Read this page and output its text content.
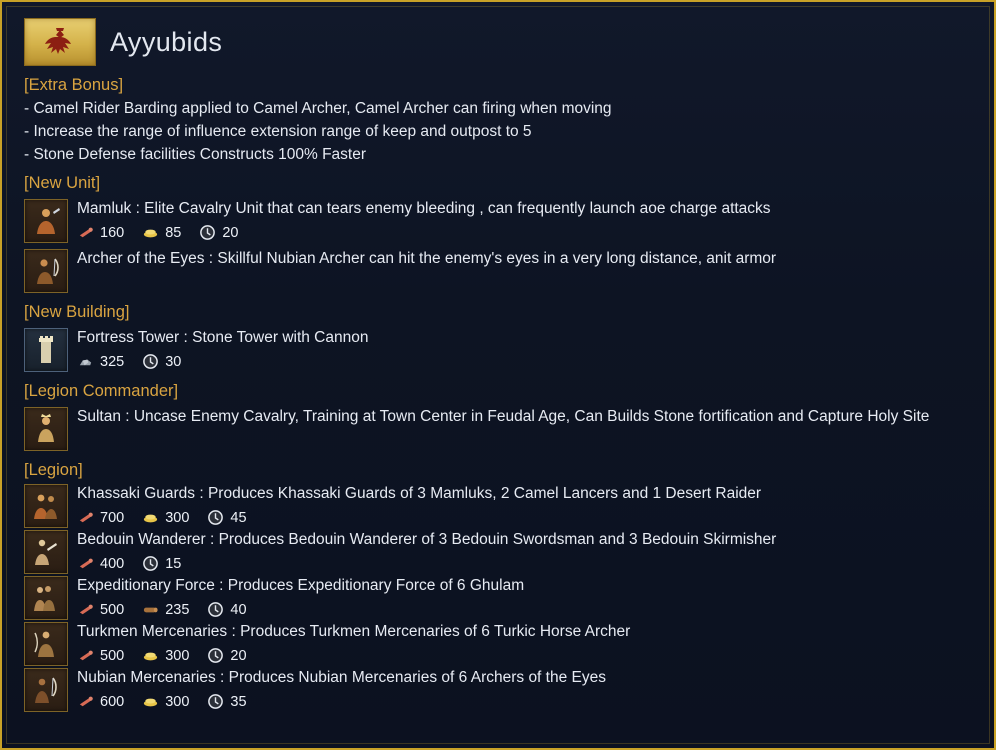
Ayyubids
[Extra Bonus]
- Camel Rider Barding applied to Camel Archer, Camel Archer can firing when moving
- Increase the range of influence extension range of keep and outpost to 5
- Stone Defense facilities Constructs 100% Faster
[New Unit]
Mamluk : Elite Cavalry Unit that can tears enemy bleeding , can frequently launch aoe charge attacks
160	85	20
Archer of the Eyes : Skillful Nubian Archer can hit the enemy's eyes in a very long distance, anit armor
[New Building]
Fortress Tower : Stone Tower with Cannon
325	30
[Legion Commander]
Sultan : Uncase Enemy Cavalry, Training at Town Center in Feudal Age, Can Builds Stone fortification and Capture Holy Site
[Legion]
Khassaki Guards : Produces Khassaki Guards of 3 Mamluks, 2 Camel Lancers and 1 Desert Raider
700	300	45
Bedouin Wanderer : Produces Bedouin Wanderer of 3 Bedouin Swordsman and 3 Bedouin Skirmisher
400	15
Expeditionary Force : Produces Expeditionary Force of 6 Ghulam
500	235	40
Turkmen Mercenaries : Produces Turkmen Mercenaries of 6 Turkic Horse Archer
500	300	20
Nubian Mercenaries : Produces Nubian Mercenaries of 6 Archers of the Eyes
600	300	35
